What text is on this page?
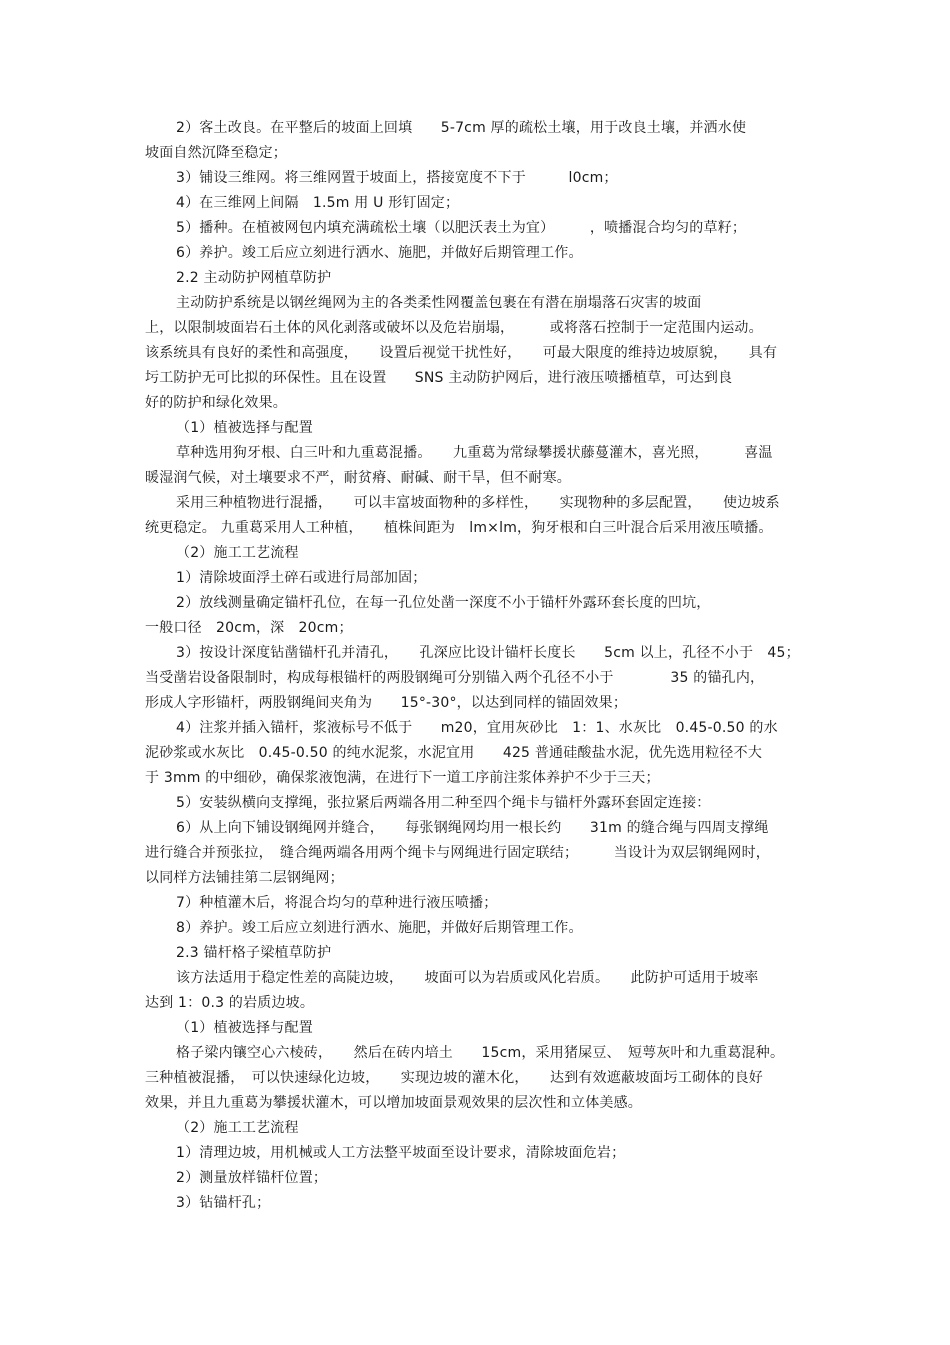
2）客土改良。在平整后的坡面上回填　　5-7cm 厚的疏松土壤，用于改良土壤，并洒水使
坡面自然沉降至稳定；
3）铺设三维网。将三维网置于坡面上，搭接宽度不下于　　　l0cm；
4）在三维网上间隔　1.5m 用 U 形钉固定；
5）播种。在植被网包内填充满疏松土壤（以肥沃表土为宜）　　　，喷播混合均匀的草籽；
6）养护。竣工后应立刻进行洒水、施肥，并做好后期管理工作。
2.2 主动防护网植草防护
主动防护系统是以钢丝绳网为主的各类柔性网覆盖包裹在有潜在崩塌落石灾害的坡面
上，以限制坡面岩石土体的风化剥落或破坏以及危岩崩塌，　　　或将落石控制于一定范围内运动。
该系统具有良好的柔性和高强度，　　设置后视觉干扰性好，　　可最大限度的维持边坡原貌，　　具有
圬工防护无可比拟的环保性。且在设置　　SNS 主动防护网后，进行液压喷播植草，可达到良
好的防护和绿化效果。
（1）植被选择与配置
草种选用狗牙根、白三叶和九重葛混播。　　九重葛为常绿攀援状藤蔓灌木，喜光照，　　　喜温
暖湿润气候，对土壤要求不严，耐贫瘠、耐碱、耐干旱，但不耐寒。
采用三种植物进行混播，　　可以丰富坡面物种的多样性，　　实现物种的多层配置，　　使边坡系
统更稳定。 九重葛采用人工种植，　　植株间距为　lm×lm，狗牙根和白三叶混合后采用液压喷播。
（2）施工工艺流程
1）清除坡面浮土碎石或进行局部加固；
2）放线测量确定锚杆孔位，在每一孔位处凿一深度不小于锚杆外露环套长度的凹坑，
一般口径　20cm，深　20cm；
3）按设计深度钻凿锚杆孔并清孔，　　孔深应比设计锚杆长度长　　5cm 以上，孔径不小于　45；
当受凿岩设备限制时，构成每根锚杆的两股钢绳可分别锚入两个孔径不小于　　　　35 的锚孔内，
形成人字形锚杆，两股钢绳间夹角为　　15°-30°，以达到同样的锚固效果；
4）注浆并插入锚杆，浆液标号不低于　　m20，宜用灰砂比　1：1、水灰比　0.45-0.50 的水
泥砂浆或水灰比　0.45-0.50 的纯水泥浆，水泥宜用　　425 普通硅酸盐水泥，优先选用粒径不大
于 3mm 的中细砂，确保浆液饱满，在进行下一道工序前注浆体养护不少于三天；
5）安装纵横向支撑绳，张拉紧后两端各用二种至四个绳卡与锚杆外露环套固定连接：
6）从上向下铺设钢绳网并缝合，　　每张钢绳网均用一根长约　　31m 的缝合绳与四周支撑绳
进行缝合并预张拉，　缝合绳两端各用两个绳卡与网绳进行固定联结；　　　当设计为双层钢绳网时，
以同样方法铺挂第二层钢绳网；
7）种植灌木后，将混合均匀的草种进行液压喷播；
8）养护。竣工后应立刻进行洒水、施肥，并做好后期管理工作。
2.3 锚杆格子梁植草防护
该方法适用于稳定性差的高陡边坡，　　坡面可以为岩质或风化岩质。　　此防护可适用于坡率
达到 1：0.3 的岩质边坡。
（1）植被选择与配置
格子梁内镶空心六棱砖，　　然后在砖内培土　　15cm，采用猪屎豆、　短萼灰叶和九重葛混种。
三种植被混播，　可以快速绿化边坡，　　实现边坡的灌木化，　　达到有效遮蔽坡面圬工砌体的良好
效果，并且九重葛为攀援状灌木，可以增加坡面景观效果的层次性和立体美感。
（2）施工工艺流程
1）清理边坡，用机械或人工方法整平坡面至设计要求，清除坡面危岩；
2）测量放样锚杆位置；
3）钻锚杆孔；
